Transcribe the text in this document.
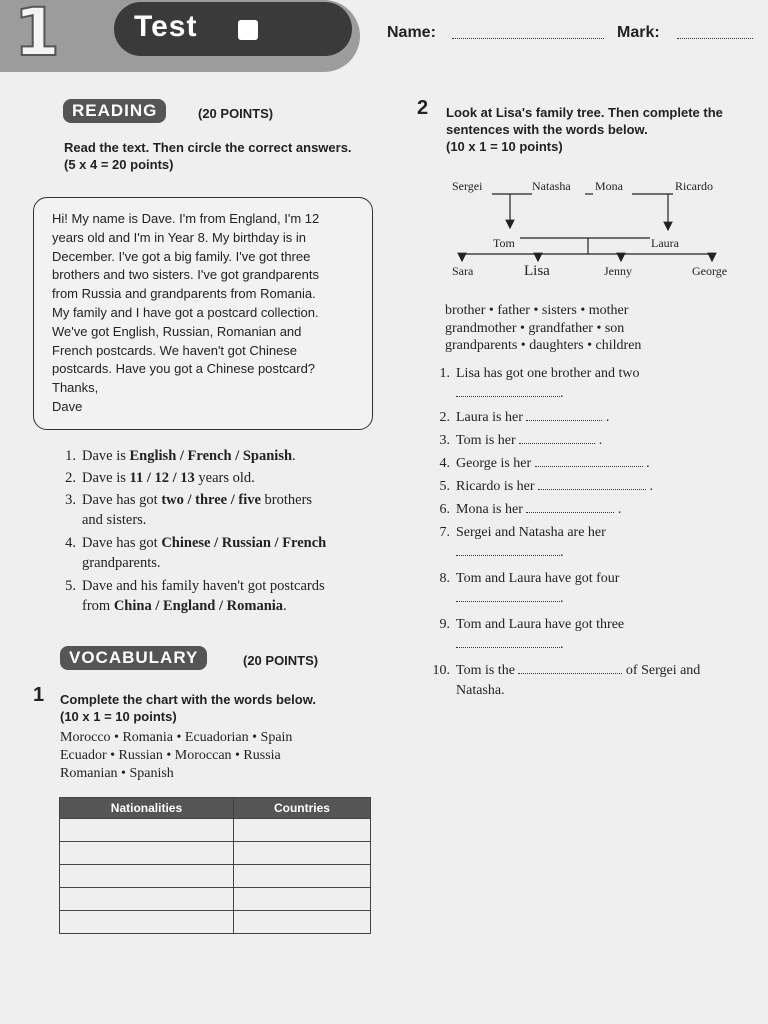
1 Test	Name:	Mark:
READING	(20 POINTS)
Read the text. Then circle the correct answers.
(5 x 4 = 20 points)
Hi! My name is Dave. I'm from England, I'm 12
years old and I'm in Year 8. My birthday is in
December. I've got a big family. I've got three
brothers and two sisters. I've got grandparents
from Russia and grandparents from Romania.
My family and I have got a postcard collection.
We've got English, Russian, Romanian and
French postcards. We haven't got Chinese
postcards. Have you got a Chinese postcard?
Thanks,
Dave
1. Dave is English / French / Spanish.
2. Dave is 11 / 12 / 13 years old.
3. Dave has got two / three / five brothers
and sisters.
4. Dave has got Chinese / Russian / French
grandparents.
5. Dave and his family haven't got postcards
from China / England / Romania.
VOCABULARY	(20 POINTS)
1 Complete the chart with the words below.
(10 x 1 = 10 points)
Morocco • Romania • Ecuadorian • Spain
Ecuador • Russian • Moroccan • Russia
Romanian • Spanish
Nationalities	Countries

2 Look at Lisa's family tree. Then complete the
sentences with the words below.
(10 x 1 = 10 points)
Sergei	Natasha Mona	Ricardo
Tom	Laura
Sara	Lisa	Jenny	George
brother • father • sisters • mother
grandmother • grandfather • son
grandparents • daughters • children
1. Lisa has got one brother and two
.
2. Laura is her	.
3. Tom is her	.
4. George is her	.
5. Ricardo is her	.
6. Mona is her	.
7. Sergei and Natasha are her
.
8. Tom and Laura have got four
.
9. Tom and Laura have got three
.
10. Tom is the	of Sergei and
Natasha.
